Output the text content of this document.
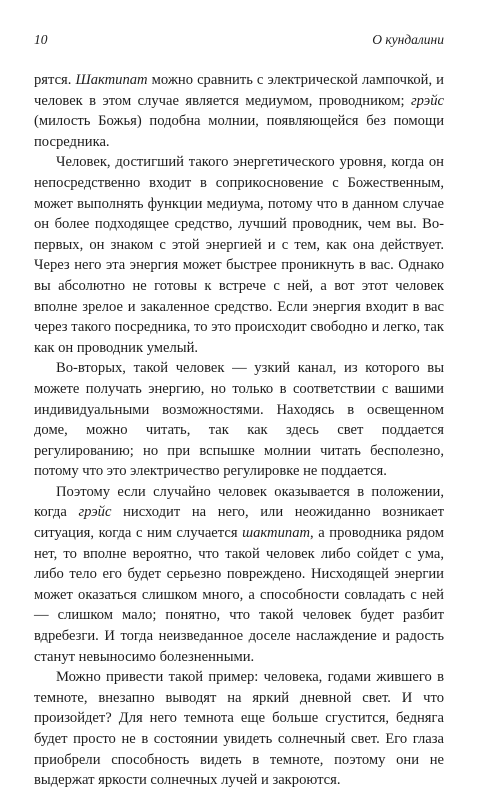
10	О кундалини

рятся. Шактипат можно сравнить с электрической лампочкой, и человек в этом случае является медиумом, проводником; грэйс (милость Божья) подобна молнии, появляющейся без помощи посредника.

Человек, достигший такого энергетического уровня, когда он непосредственно входит в соприкосновение с Божественным, может выполнять функции медиума, потому что в данном случае он более подходящее средство, лучший проводник, чем вы. Во-первых, он знаком с этой энергией и с тем, как она действует. Через него эта энергия может быстрее проникнуть в вас. Однако вы абсолютно не готовы к встрече с ней, а вот этот человек вполне зрелое и закаленное средство. Если энергия входит в вас через такого посредника, то это происходит свободно и легко, так как он проводник умелый.

Во-вторых, такой человек — узкий канал, из которого вы можете получать энергию, но только в соответствии с вашими индивидуальными возможностями. Находясь в освещенном доме, можно читать, так как здесь свет поддается регулированию; но при вспышке молнии читать бесполезно, потому что это электричество регулировке не поддается.

Поэтому если случайно человек оказывается в положении, когда грэйс нисходит на него, или неожиданно возникает ситуация, когда с ним случается шактипат, а проводника рядом нет, то вполне вероятно, что такой человек либо сойдет с ума, либо тело его будет серьезно повреждено. Нисходящей энергии может оказаться слишком много, а способности совладать с ней — слишком мало; понятно, что такой человек будет разбит вдребезги. И тогда неизведанное доселе наслаждение и радость станут невыносимо болезненными.

Можно привести такой пример: человека, годами жившего в темноте, внезапно выводят на яркий дневной свет. И что произойдет? Для него темнота еще больше сгустится, бедняга будет просто не в состоянии увидеть солнечный свет. Его глаза приобрели способность видеть в темноте, поэтому они не выдержат яркости солнечных лучей и закроются.
